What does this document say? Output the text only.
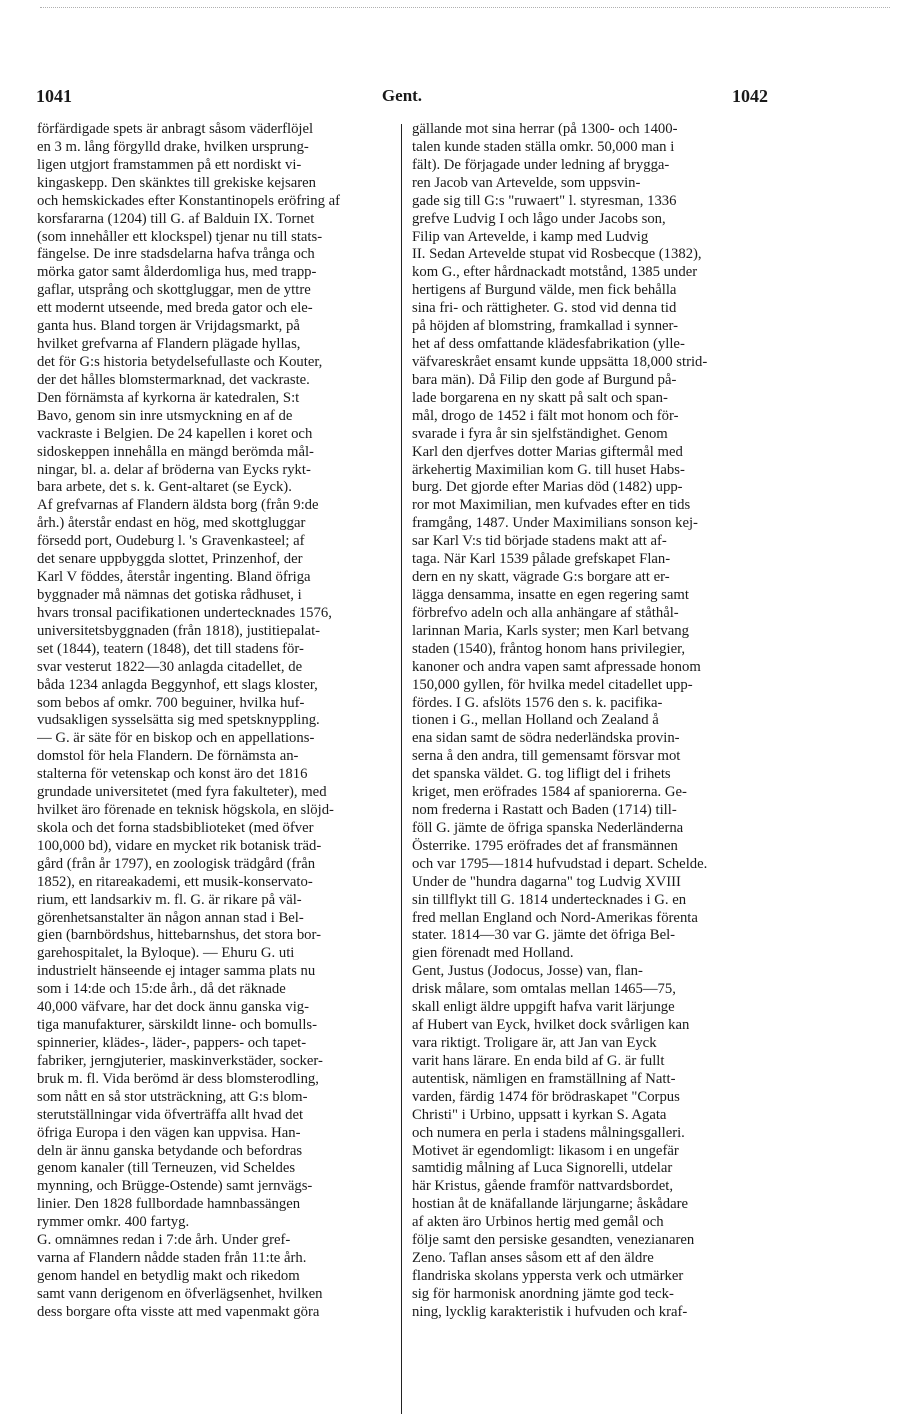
1041	Gent.	1042
förfärdigade spets är anbragt såsom väderflöjel
en 3 m. lång förgylld drake, hvilken ursprung-
ligen utgjort framstammen på ett nordiskt vi-
kingaskepp. Den skänktes till grekiske kejsaren
och hemskickades efter Konstantinopels eröfring af
korsfararna (1204) till G. af Balduin IX. Tornet
(som innehåller ett klockspel) tjenar nu till stats-
fängelse. De inre stadsdelarna hafva trånga och
mörka gator samt ålderdomliga hus, med trapp-
gaflar, utsprång och skottgluggar, men de yttre
ett modernt utseende, med breda gator och ele-
ganta hus. Bland torgen är Vrijdagsmarkt, på
hvilket grefvarna af Flandern plägade hyllas,
det för G:s historia betydelsefullaste och Kouter,
der det hålles blomstermarknad, det vackraste.
Den förnämsta af kyrkorna är katedralen, S:t
Bavo, genom sin inre utsmyckning en af de
vackraste i Belgien. De 24 kapellen i koret och
sidoskeppen innehålla en mängd berömda mål-
ningar, bl. a. delar af bröderna van Eycks rykt-
bara arbete, det s. k. Gent-altaret (se Eyck).
Af grefvarnas af Flandern äldsta borg (från 9:de
årh.) återstår endast en hög, med skottgluggar
försedd port, Oudeburg l. 's Gravenkasteel; af
det senare uppbyggda slottet, Prinzenhof, der
Karl V föddes, återstår ingenting. Bland öfriga
byggnader må nämnas det gotiska rådhuset, i
hvars tronsal pacifikationen undertecknades 1576,
universitetsbyggnaden (från 1818), justitiepalat-
set (1844), teatern (1848), det till stadens för-
svar vesterut 1822—30 anlagda citadellet, de
båda 1234 anlagda Beggynhof, ett slags kloster,
som bebos af omkr. 700 beguiner, hvilka huf-
vudsakligen sysselsätta sig med spetsknyppling.
— G. är säte för en biskop och en appellations-
domstol för hela Flandern. De förnämsta an-
stalterna för vetenskap och konst äro det 1816
grundade universitetet (med fyra fakulteter), med
hvilket äro förenade en teknisk högskola, en slöjd-
skola och det forna stadsbiblioteket (med öfver
100,000 bd), vidare en mycket rik botanisk träd-
gård (från år 1797), en zoologisk trädgård (från
1852), en ritareakademi, ett musik-konservato-
rium, ett landsarkiv m. fl. G. är rikare på väl-
görenhetsanstalter än någon annan stad i Bel-
gien (barnbördshus, hittebarnshus, det stora bor-
garehospitalet, la Byloque). — Ehuru G. uti
industrielt hänseende ej intager samma plats nu
som i 14:de och 15:de årh., då det räknade
40,000 väfvare, har det dock ännu ganska vig-
tiga manufakturer, särskildt linne- och bomulls-
spinnerier, klädes-, läder-, pappers- och tapet-
fabriker, jerngjuterier, maskinverkstäder, socker-
bruk m. fl. Vida berömd är dess blomsterodling,
som nått en så stor utsträckning, att G:s blom-
sterutställningar vida öfverträffa allt hvad det
öfriga Europa i den vägen kan uppvisa. Han-
deln är ännu ganska betydande och befordras
genom kanaler (till Terneuzen, vid Scheldes
mynning, och Brügge-Ostende) samt jernvägs-
linier. Den 1828 fullbordade hamnbassängen
rymmer omkr. 400 fartyg.
G. omnämnes redan i 7:de årh. Under gref-
varna af Flandern nådde staden från 11:te årh.
genom handel en betydlig makt och rikedom
samt vann derigenom en öfverlägsenhet, hvilken
dess borgare ofta visste att med vapenmakt göra
gällande mot sina herrar (på 1300- och 1400-
talen kunde staden ställa omkr. 50,000 man i
fält). De förjagade under ledning af brygga-
ren Jacob van Artevelde, som uppsvin-
gade sig till G:s "ruwaert" l. styresman, 1336
grefve Ludvig I och lågo under Jacobs son,
Filip van Artevelde, i kamp med Ludvig
II. Sedan Artevelde stupat vid Rosbecque (1382),
kom G., efter hårdnackadt motstånd, 1385 under
hertigens af Burgund välde, men fick behålla
sina fri- och rättigheter. G. stod vid denna tid
på höjden af blomstring, framkallad i synner-
het af dess omfattande klädesfabrikation (ylle-
väfvareskrået ensamt kunde uppsätta 18,000 strid-
bara män). Då Filip den gode af Burgund på-
lade borgarena en ny skatt på salt och span-
mål, drogo de 1452 i fält mot honom och för-
svarade i fyra år sin sjelfständighet. Genom
Karl den djerfves dotter Marias giftermål med
ärkehertig Maximilian kom G. till huset Habs-
burg. Det gjorde efter Marias död (1482) upp-
ror mot Maximilian, men kufvades efter en tids
framgång, 1487. Under Maximilians sonson kej-
sar Karl V:s tid började stadens makt att af-
taga. När Karl 1539 pålade grefskapet Flan-
dern en ny skatt, vägrade G:s borgare att er-
lägga densamma, insatte en egen regering samt
förbrefvo adeln och alla anhängare af ståthål-
larinnan Maria, Karls syster; men Karl betvang
staden (1540), fråntog honom hans privilegier,
kanoner och andra vapen samt afpressade honom
150,000 gyllen, för hvilka medel citadellet upp-
fördes. I G. afslöts 1576 den s. k. pacifika-
tionen i G., mellan Holland och Zealand å
ena sidan samt de södra nederländska provin-
serna å den andra, till gemensamt försvar mot
det spanska väldet. G. tog lifligt del i frihets
kriget, men eröfrades 1584 af spaniorerna. Ge-
nom frederna i Rastatt och Baden (1714) till-
föll G. jämte de öfriga spanska Nederländerna
Österrike. 1795 eröfrades det af fransmännen
och var 1795—1814 hufvudstad i depart. Schelde.
Under de "hundra dagarna" tog Ludvig XVIII
sin tillflykt till G. 1814 undertecknades i G. en
fred mellan England och Nord-Amerikas förenta
stater. 1814—30 var G. jämte det öfriga Bel-
gien förenadt med Holland.
Gent, Justus (Jodocus, Josse) van, flan-
drisk målare, som omtalas mellan 1465—75,
skall enligt äldre uppgift hafva varit lärjunge
af Hubert van Eyck, hvilket dock svårligen kan
vara riktigt. Troligare är, att Jan van Eyck
varit hans lärare. En enda bild af G. är fullt
autentisk, nämligen en framställning af Natt-
varden, färdig 1474 för brödraskapet "Corpus
Christi" i Urbino, uppsatt i kyrkan S. Agata
och numera en perla i stadens målningsgalleri.
Motivet är egendomligt: likasom i en ungefär
samtidig målning af Luca Signorelli, utdelar
här Kristus, gående framför nattvardsbordet,
hostian åt de knäfallande lärjungarne; åskådare
af akten äro Urbinos hertig med gemål och
följe samt den persiske gesandten, venezianaren
Zeno. Taflan anses såsom ett af den äldre
flandriska skolans yppersta verk och utmärker
sig för harmonisk anordning jämte god teck-
ning, lycklig karakteristik i hufvuden och kraf-
